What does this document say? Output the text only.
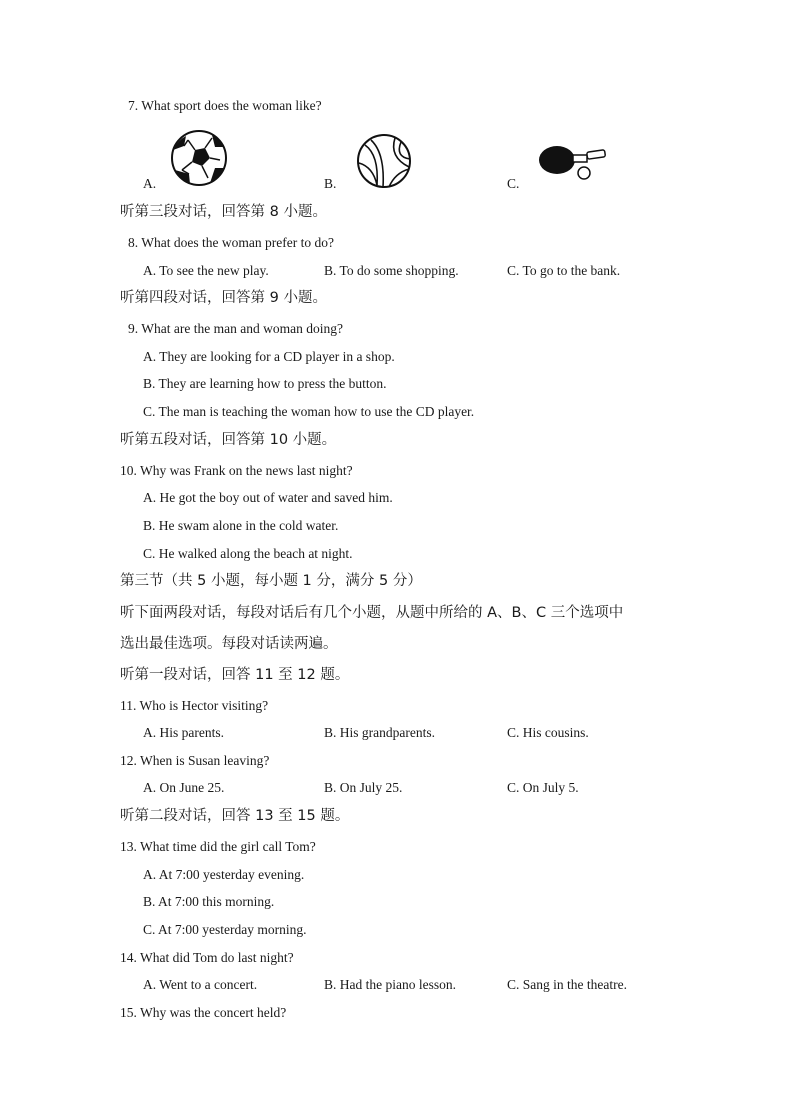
7. What sport does the woman like?
A.	B.	C.
听第三段对话，回答第 8 小题。
8. What does the woman prefer to do?
A. To see the new play.	B. To do some shopping.	C. To go to the bank.
听第四段对话，回答第 9 小题。
9. What are the man and woman doing?
A. They are looking for a CD player in a shop.
B. They are learning how to press the button.
C. The man is teaching the woman how to use the CD player.
听第五段对话，回答第 10 小题。
10. Why was Frank on the news last night?
A. He got the boy out of water and saved him.
B. He swam alone in the cold water.
C. He walked along the beach at night.
第三节（共 5 小题，每小题 1 分，满分 5 分）
听下面两段对话，每段对话后有几个小题，从题中所给的 A、B、C 三个选项中
选出最佳选项。每段对话读两遍。
听第一段对话，回答 11 至 12 题。
11. Who is Hector visiting?
A. His parents.	B. His grandparents.	C. His cousins.
12. When is Susan leaving?
A. On June 25.	B. On July 25.	C. On July 5.
听第二段对话，回答 13 至 15 题。
13. What time did the girl call Tom?
A. At 7:00 yesterday evening.
B. At 7:00 this morning.
C. At 7:00 yesterday morning.
14. What did Tom do last night?
A. Went to a concert.	B. Had the piano lesson.	C. Sang in the theatre.
15. Why was the concert held?
